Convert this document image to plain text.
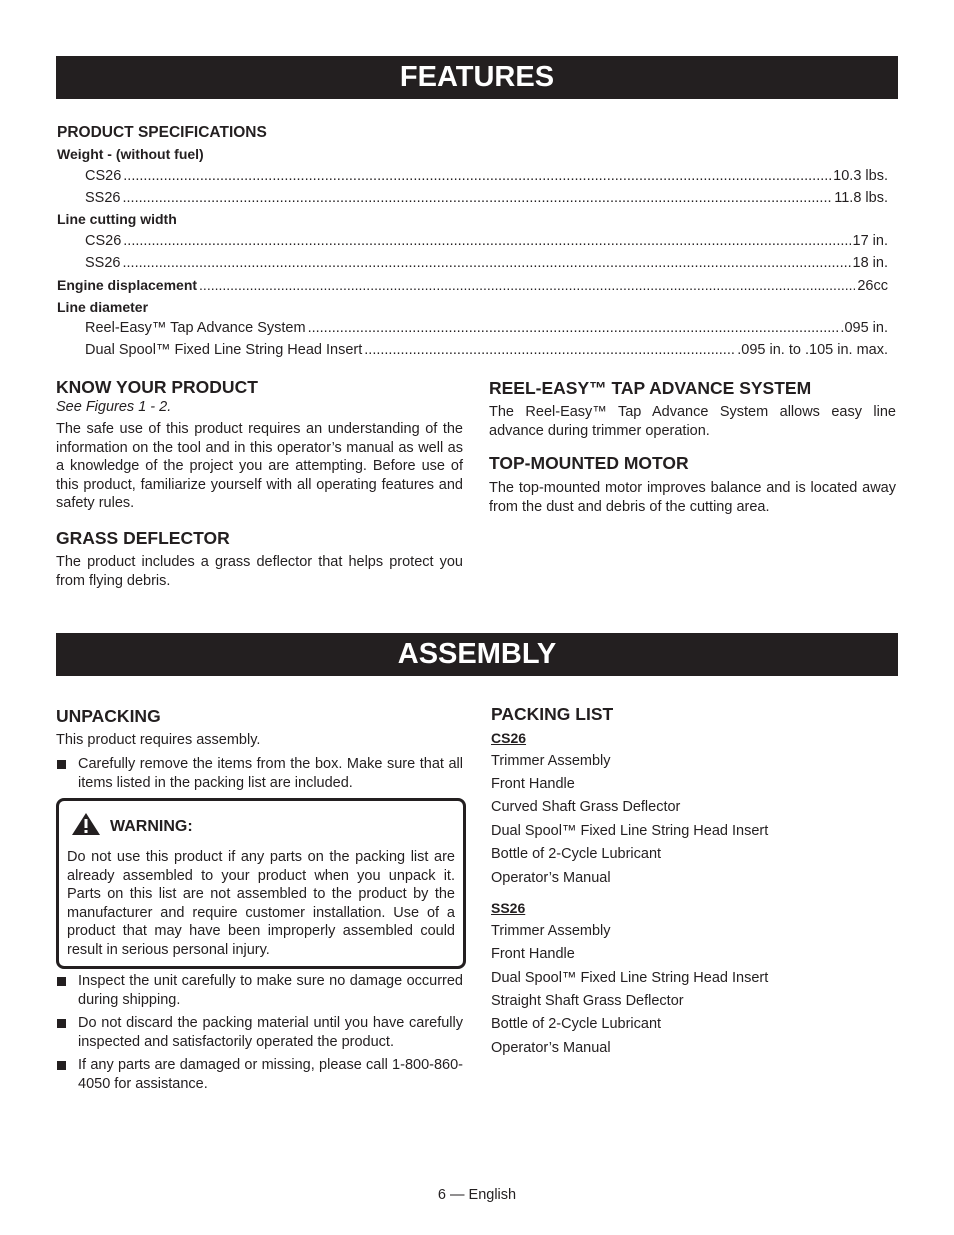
FEATURES
PRODUCT SPECIFICATIONS
Weight - (without fuel)
CS26 .....	10.3 lbs.
SS26 .....	11.8 lbs.
Line cutting width
CS26 .....	17 in.
SS26 .....	18 in.
Engine displacement .....	26cc
Line diameter
Reel-Easy™ Tap Advance System .....	.095 in.
Dual Spool™ Fixed Line String Head Insert .....	.095 in. to .105 in. max.
KNOW YOUR PRODUCT
See Figures 1 - 2.
The safe use of this product requires an understanding of the information on the tool and in this operator’s manual as well as a knowledge of the project you are attempting. Before use of this product, familiarize yourself with all operating features and safety rules.
GRASS DEFLECTOR
The product includes a grass deflector that helps protect you from flying debris.
REEL-EASY™ TAP ADVANCE SYSTEM
The Reel-Easy™ Tap Advance System allows easy line advance during trimmer operation.
TOP-MOUNTED MOTOR
The top-mounted motor improves balance and is located away from the dust and debris of the cutting area.
ASSEMBLY
UNPACKING
This product requires assembly.
Carefully remove the items from the box. Make sure that all items listed in the packing list are included.
WARNING:
Do not use this product if any parts on the packing list are already assembled to your product when you unpack it. Parts on this list are not assembled to the product by the manufacturer and require customer installation. Use of a product that may have been improperly assembled could result in serious personal injury.
Inspect the unit carefully to make sure no damage occurred during shipping.
Do not discard the packing material until you have carefully inspected and satisfactorily operated the product.
If any parts are damaged or missing, please call 1-800-860-4050 for assistance.
PACKING LIST
CS26
Trimmer Assembly
Front Handle
Curved Shaft Grass Deflector
Dual Spool™ Fixed Line String Head Insert
Bottle of 2-Cycle Lubricant
Operator’s Manual
SS26
Trimmer Assembly
Front Handle
Dual Spool™ Fixed Line String Head Insert
Straight Shaft Grass Deflector
Bottle of 2-Cycle Lubricant
Operator’s Manual
6 — English
